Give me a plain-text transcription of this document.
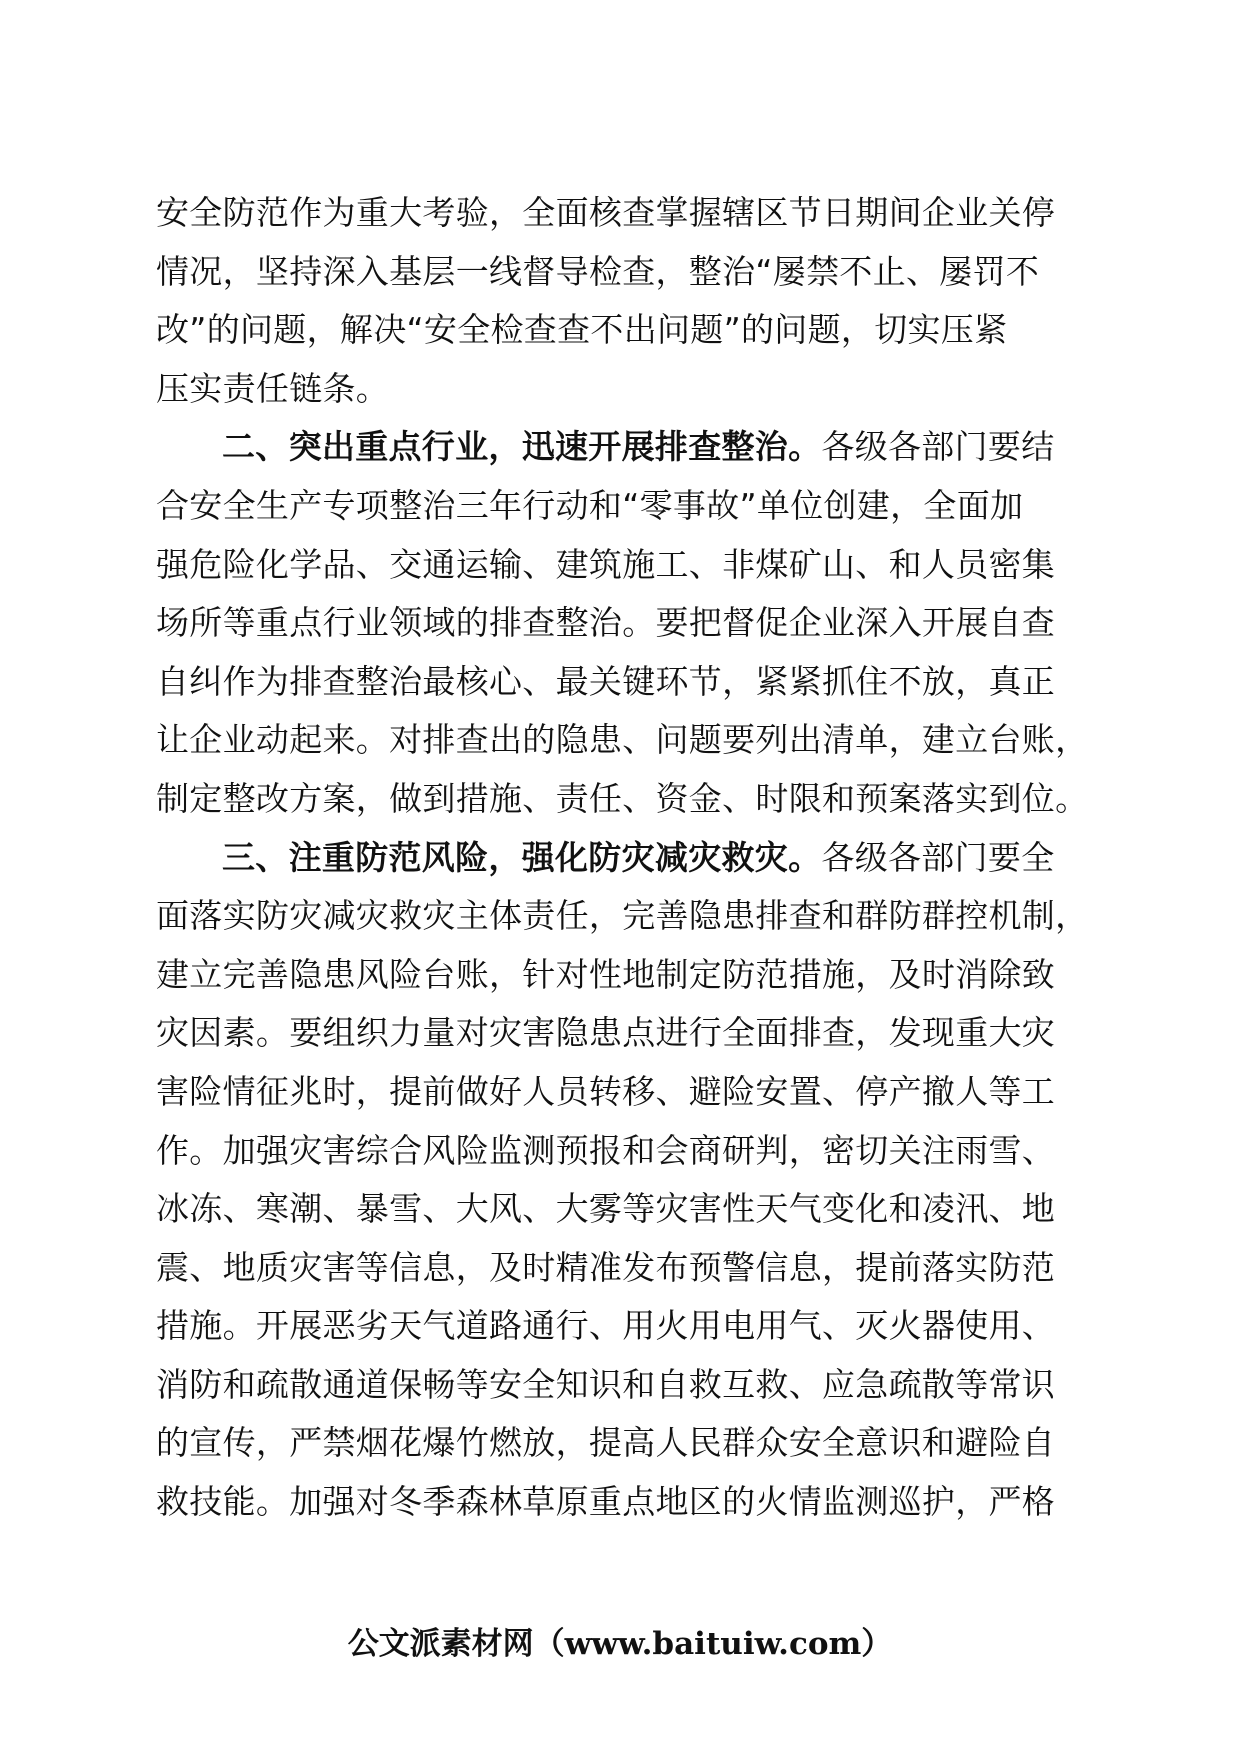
安全防范作为重大考验，全面核查掌握辖区节日期间企业关停
情况，坚持深入基层一线督导检查，整治“屡禁不止、屡罚不
改”的问题，解决“安全检查查不出问题”的问题，切实压紧
压实责任链条。
二、突出重点行业，迅速开展排查整治。各级各部门要结
合安全生产专项整治三年行动和“零事故”单位创建，全面加
强危险化学品、交通运输、建筑施工、非煤矿山、和人员密集
场所等重点行业领域的排查整治。要把督促企业深入开展自查
自纠作为排查整治最核心、最关键环节，紧紧抓住不放，真正
让企业动起来。对排查出的隐患、问题要列出清单，建立台账，
制定整改方案，做到措施、责任、资金、时限和预案落实到位。
三、注重防范风险，强化防灾减灾救灾。各级各部门要全
面落实防灾减灾救灾主体责任，完善隐患排查和群防群控机制，
建立完善隐患风险台账，针对性地制定防范措施，及时消除致
灾因素。要组织力量对灾害隐患点进行全面排查，发现重大灾
害险情征兆时，提前做好人员转移、避险安置、停产撤人等工
作。加强灾害综合风险监测预报和会商研判，密切关注雨雪、
冰冻、寒潮、暴雪、大风、大雾等灾害性天气变化和凌汛、地
震、地质灾害等信息，及时精准发布预警信息，提前落实防范
措施。开展恶劣天气道路通行、用火用电用气、灭火器使用、
消防和疏散通道保畅等安全知识和自救互救、应急疏散等常识
的宣传，严禁烟花爆竹燃放，提高人民群众安全意识和避险自
救技能。加强对冬季森林草原重点地区的火情监测巡护，严格
公文派素材网（www.baituiw.com）
